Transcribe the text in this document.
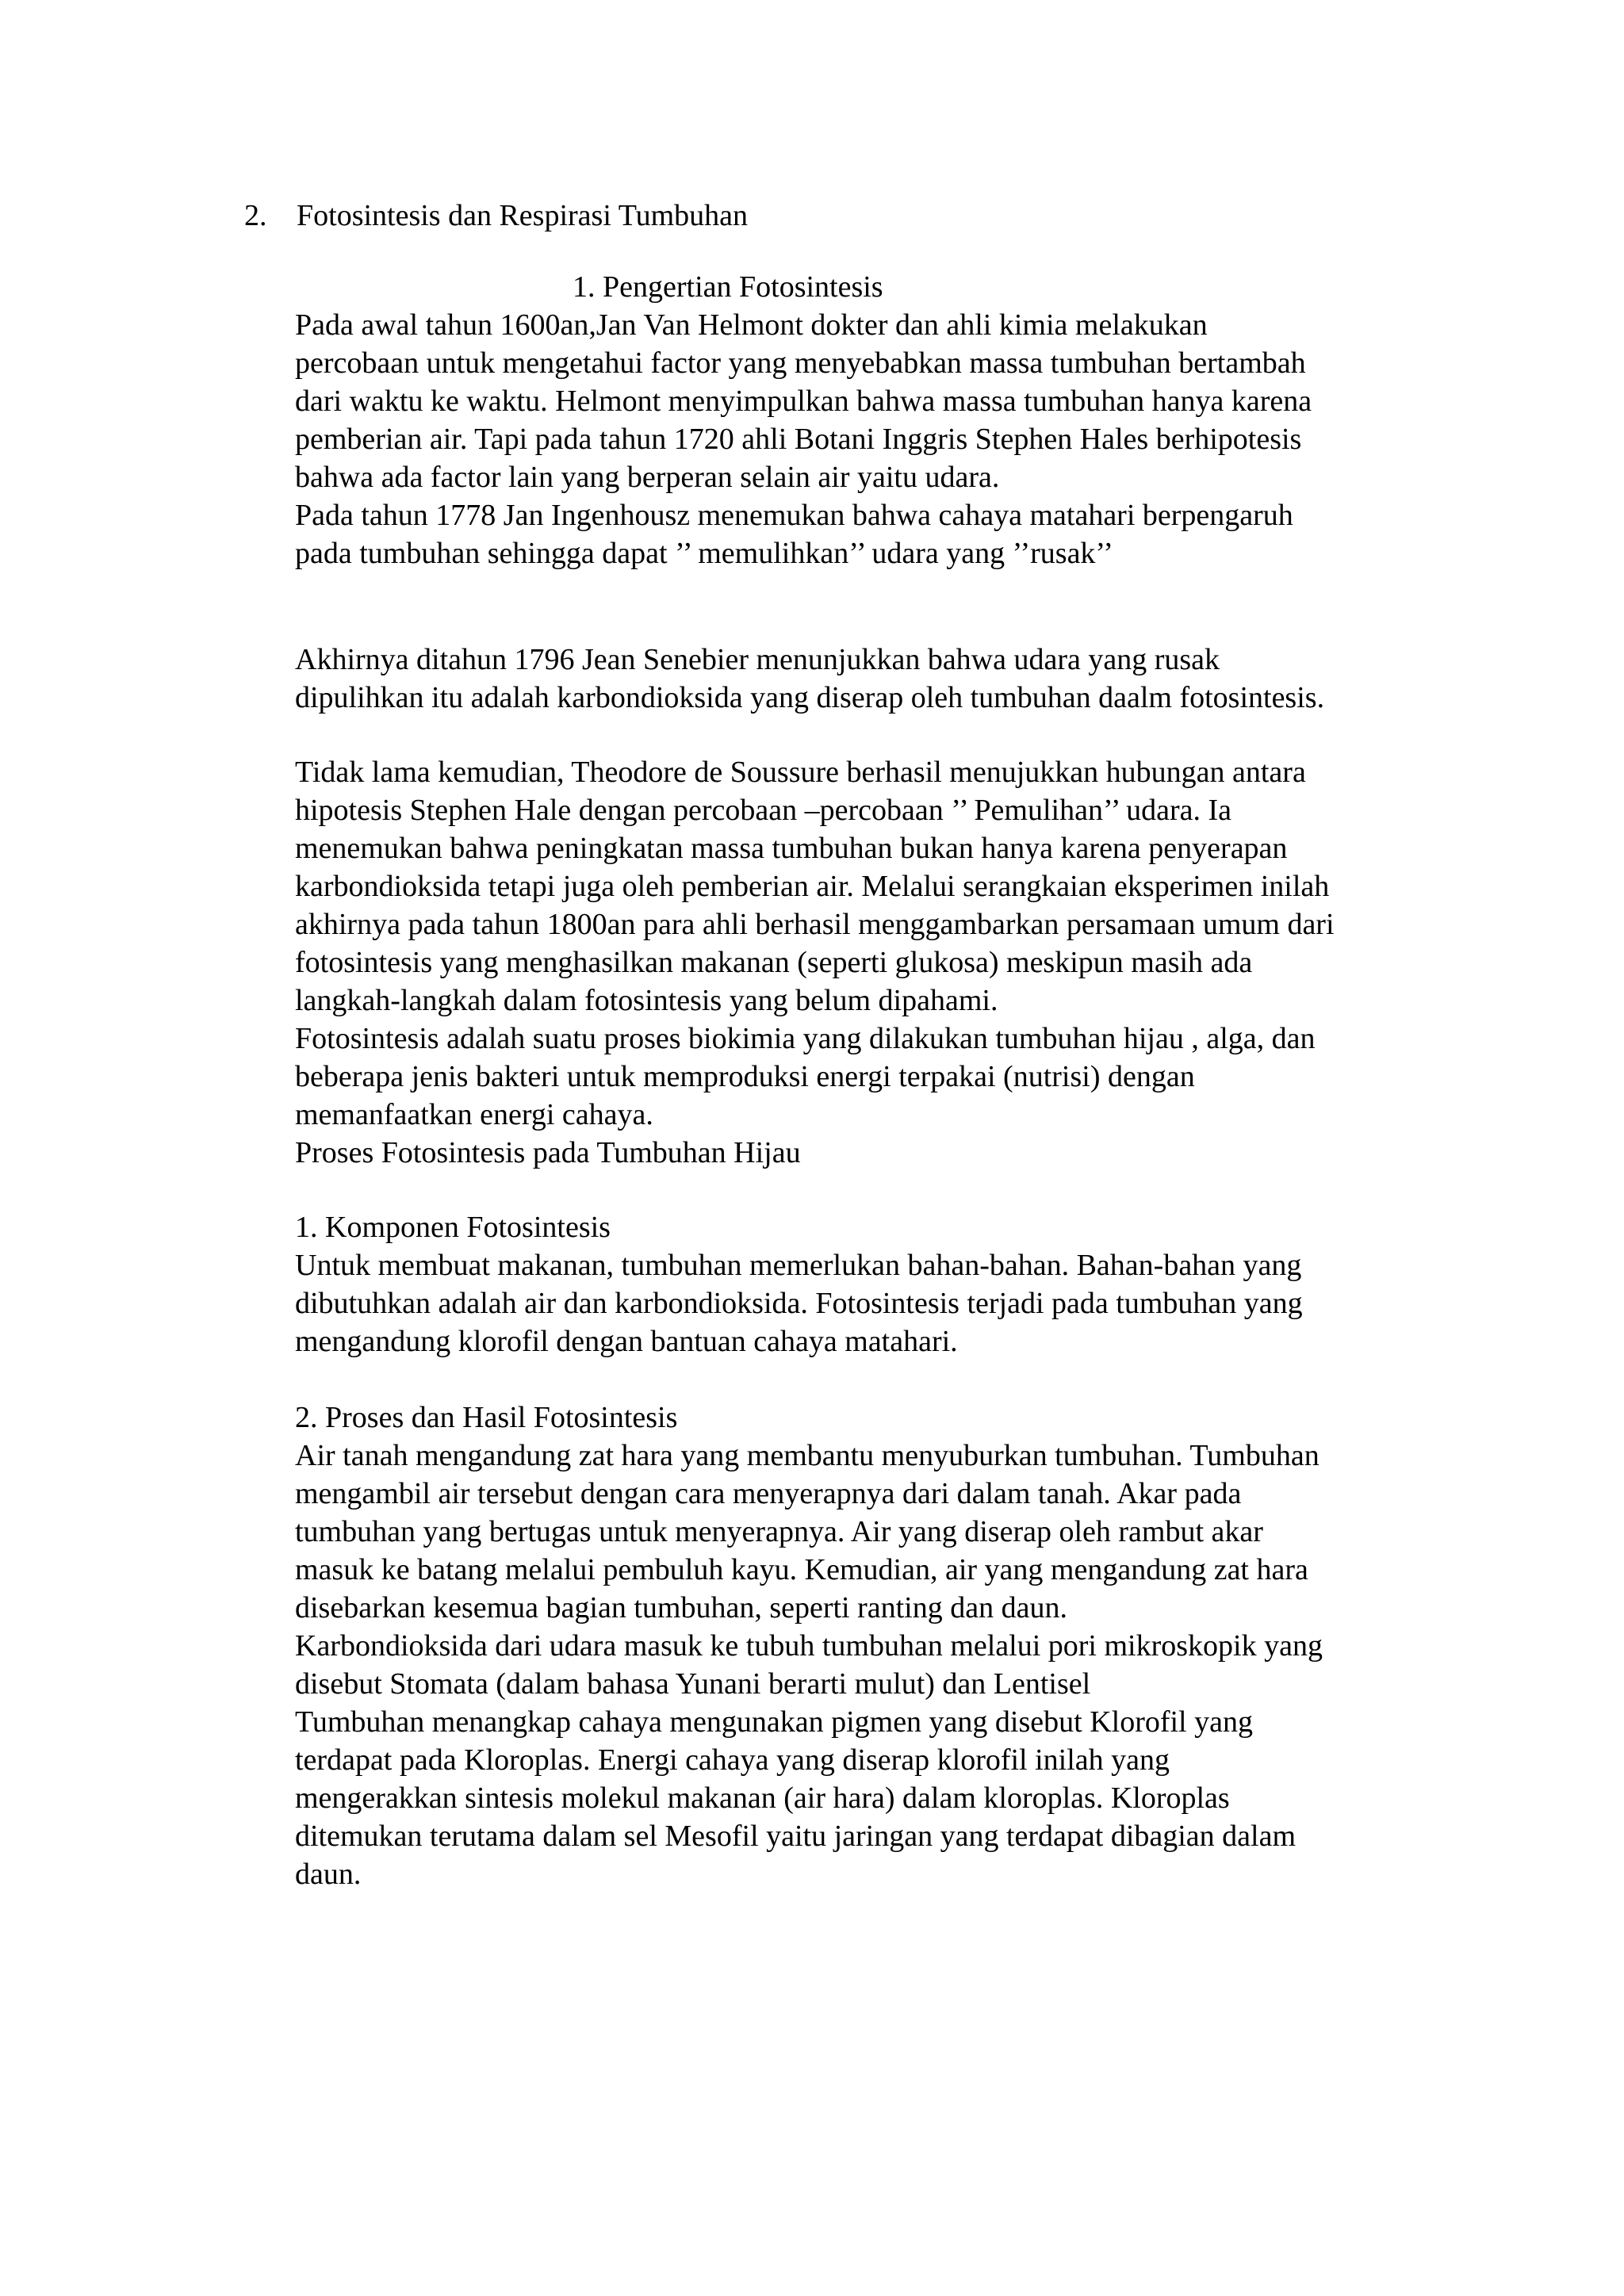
2. Fotosintesis dan Respirasi Tumbuhan
1. Pengertian Fotosintesis
Pada awal tahun 1600an,Jan Van Helmont dokter dan ahli kimia melakukan
percobaan untuk mengetahui factor yang menyebabkan massa tumbuhan bertambah
dari waktu ke waktu. Helmont menyimpulkan bahwa massa tumbuhan hanya karena
pemberian air. Tapi pada tahun 1720 ahli Botani Inggris Stephen Hales berhipotesis
bahwa ada factor lain yang berperan selain air yaitu udara.
Pada tahun 1778 Jan Ingenhousz menemukan bahwa cahaya matahari berpengaruh
pada tumbuhan sehingga dapat ’’ memulihkan’’ udara yang ’’rusak’’
Akhirnya ditahun 1796 Jean Senebier menunjukkan bahwa udara yang rusak
dipulihkan itu adalah karbondioksida yang diserap oleh tumbuhan daalm fotosintesis.
Tidak lama kemudian, Theodore de Soussure berhasil menujukkan hubungan antara
hipotesis Stephen Hale dengan percobaan –percobaan ’’ Pemulihan’’ udara. Ia
menemukan bahwa peningkatan massa tumbuhan bukan hanya karena penyerapan
karbondioksida tetapi juga oleh pemberian air. Melalui serangkaian eksperimen inilah
akhirnya pada tahun 1800an para ahli berhasil menggambarkan persamaan umum dari
fotosintesis yang menghasilkan makanan (seperti glukosa) meskipun masih ada
langkah-langkah dalam fotosintesis yang belum dipahami.
Fotosintesis adalah suatu proses biokimia yang dilakukan tumbuhan hijau , alga, dan
beberapa jenis bakteri untuk memproduksi energi terpakai (nutrisi) dengan
memanfaatkan energi cahaya.
Proses Fotosintesis pada Tumbuhan Hijau
1. Komponen Fotosintesis
Untuk membuat makanan, tumbuhan memerlukan bahan-bahan. Bahan-bahan yang
dibutuhkan adalah air dan karbondioksida. Fotosintesis terjadi pada tumbuhan yang
mengandung klorofil dengan bantuan cahaya matahari.
2. Proses dan Hasil Fotosintesis
Air tanah mengandung zat hara yang membantu menyuburkan tumbuhan. Tumbuhan
mengambil air tersebut dengan cara menyerapnya dari dalam tanah. Akar pada
tumbuhan yang bertugas untuk menyerapnya. Air yang diserap oleh rambut akar
masuk ke batang melalui pembuluh kayu. Kemudian, air yang mengandung zat hara
disebarkan kesemua bagian tumbuhan, seperti ranting dan daun.
Karbondioksida dari udara masuk ke tubuh tumbuhan melalui pori mikroskopik yang
disebut Stomata (dalam bahasa Yunani berarti mulut) dan Lentisel
Tumbuhan menangkap cahaya mengunakan pigmen yang disebut Klorofil yang
terdapat pada Kloroplas. Energi cahaya yang diserap klorofil inilah yang
mengerakkan sintesis molekul makanan (air hara) dalam kloroplas. Kloroplas
ditemukan terutama dalam sel Mesofil yaitu jaringan yang terdapat dibagian dalam
daun.
